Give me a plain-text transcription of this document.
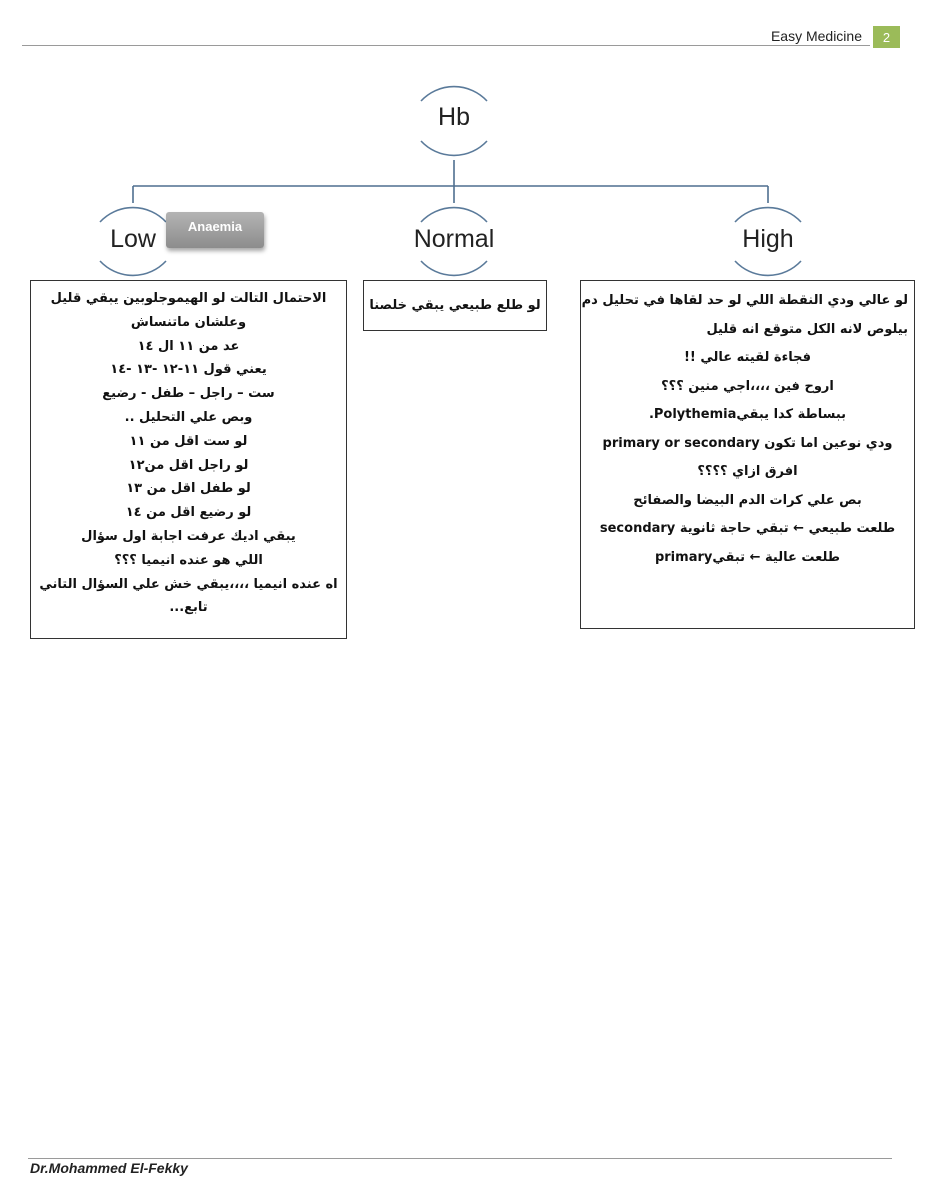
Easy Medicine	2
Hb
Low	Normal	High
Anaemia
الاحتمال التالت لو الهيموجلوبين يبقي قليل
وعلشان ماتنساش
عد من ١١ ال ١٤
يعني قول ١١-١٢ -١٣ -١٤
ست – راجل – طفل - رضيع
وبص علي التحليل ..
لو ست اقل من ١١
لو راجل اقل من١٢
لو طفل اقل من ١٣
لو رضيع اقل من ١٤
يبقي اديك عرفت اجابة اول سؤال
اللي هو عنده انيميا ؟؟؟
اه عنده انيميا ،،،،يبقي خش علي السؤال التاني
تابع...
لو طلع طبيعي يبقي خلصنا	لو عالي ودي النقطة اللي لو حد لقاها في تحليل دم
بيلوص لانه الكل متوقع انه قليل
فجاءة لقيته عالي !!
اروح فين ،،،،اجي منين ؟؟؟
ببساطة كدا يبقيPolythemia.
ودي نوعين اما تكون primary or secondary
افرق ازاي ؟؟؟؟
بص علي كرات الدم البيضا والصفائح
طلعت طبيعي ← تبقي حاجة ثانوية secondary
طلعت عالية ← تبقيprimary
Dr.Mohammed El-Fekky
